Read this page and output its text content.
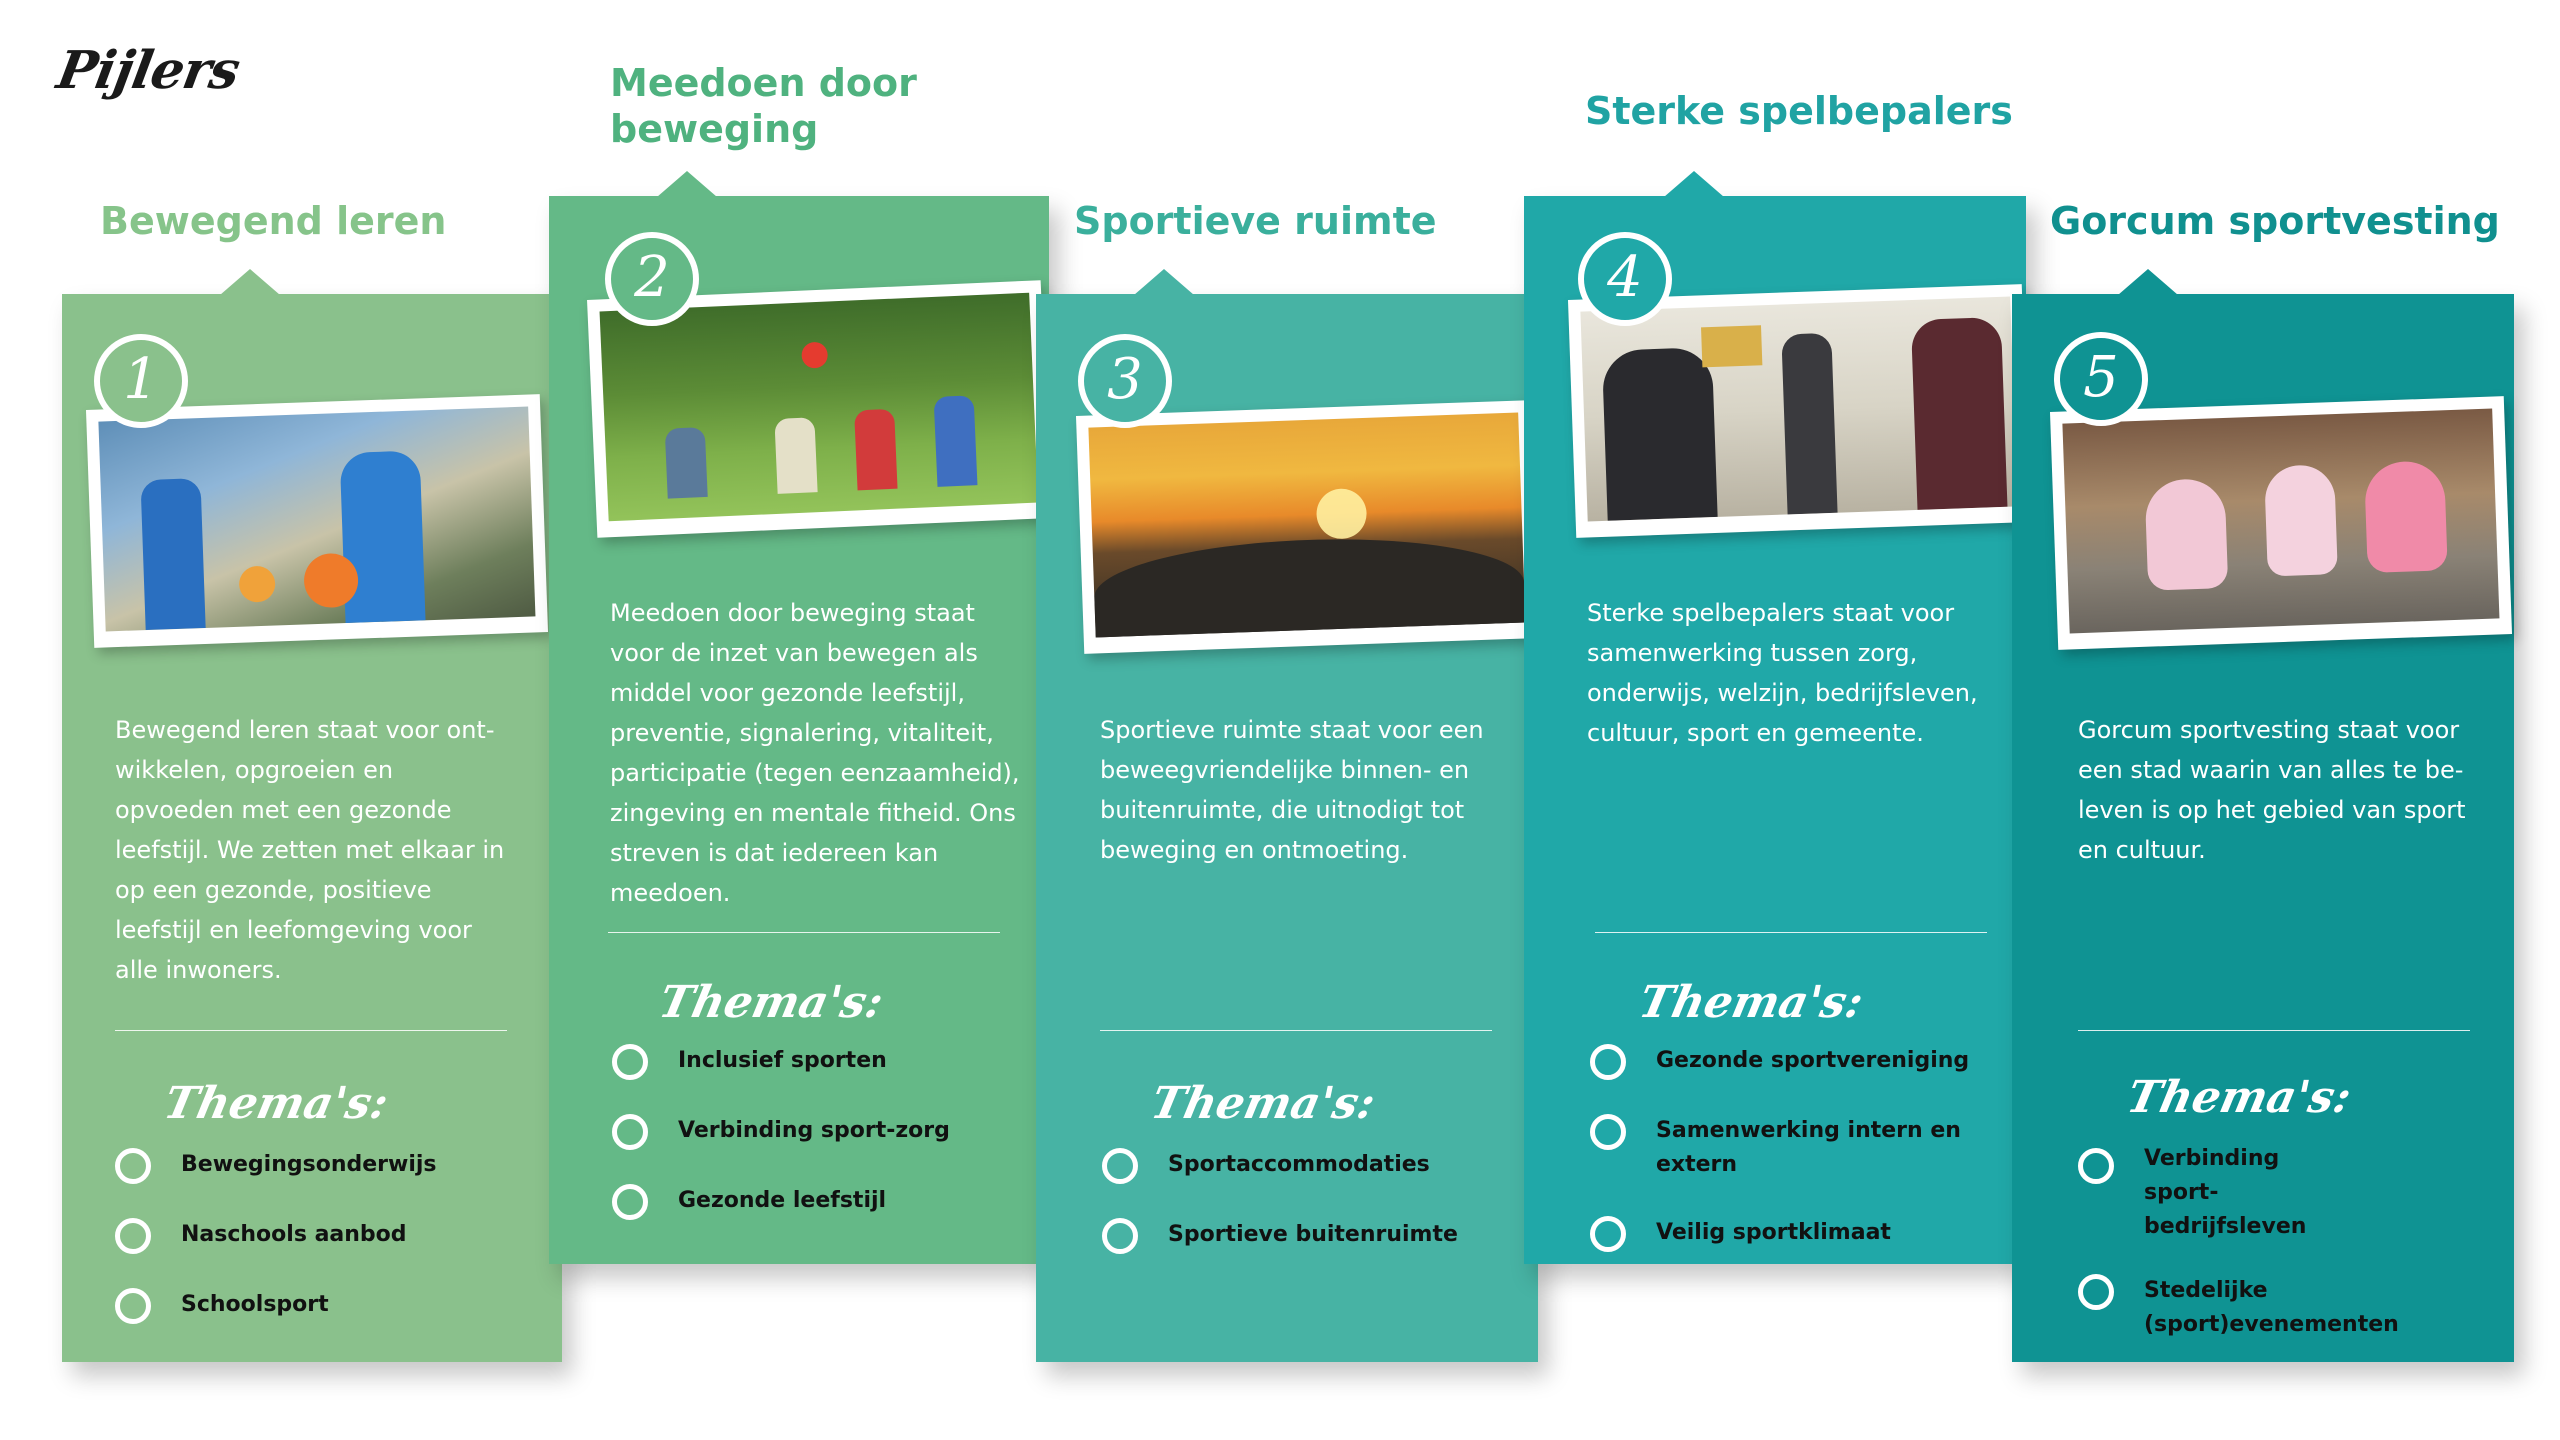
Pijlers
Bewegend leren
1
Bewegend leren staat voor ont-wikkelen, opgroeien en opvoeden met een gezonde leefstijl. We zetten met elkaar in op een gezonde, positieve leefstijl en leefomgeving voor alle inwoners.
Thema's:
Bewegingsonderwijs
Naschools aanbod
Schoolsport
Meedoen door beweging
2
Meedoen door beweging staat voor de inzet van bewegen als middel voor gezonde leefstijl, preventie, signalering, vitaliteit, participatie (tegen eenzaamheid), zingeving en mentale fitheid. Ons streven is dat iedereen kan meedoen.
Thema's:
Inclusief sporten
Verbinding sport-zorg
Gezonde leefstijl
Sportieve ruimte
3
Sportieve ruimte staat voor een beweegvriendelijke binnen- en buitenruimte, die uitnodigt tot beweging en ontmoeting.
Thema's:
Sportaccommodaties
Sportieve buitenruimte
Sterke spelbepalers
4
Sterke spelbepalers staat voor samenwerking tussen zorg, onderwijs, welzijn, bedrijfsleven, cultuur, sport en gemeente.
Thema's:
Gezonde sportvereniging
Samenwerking intern en extern
Veilig sportklimaat
Gorcum sportvesting
5
Gorcum sportvesting staat voor een stad waarin van alles te be-leven is op het gebied van sport en cultuur.
Thema's:
Verbinding sport-bedrijfsleven
Stedelijke (sport)evenementen
